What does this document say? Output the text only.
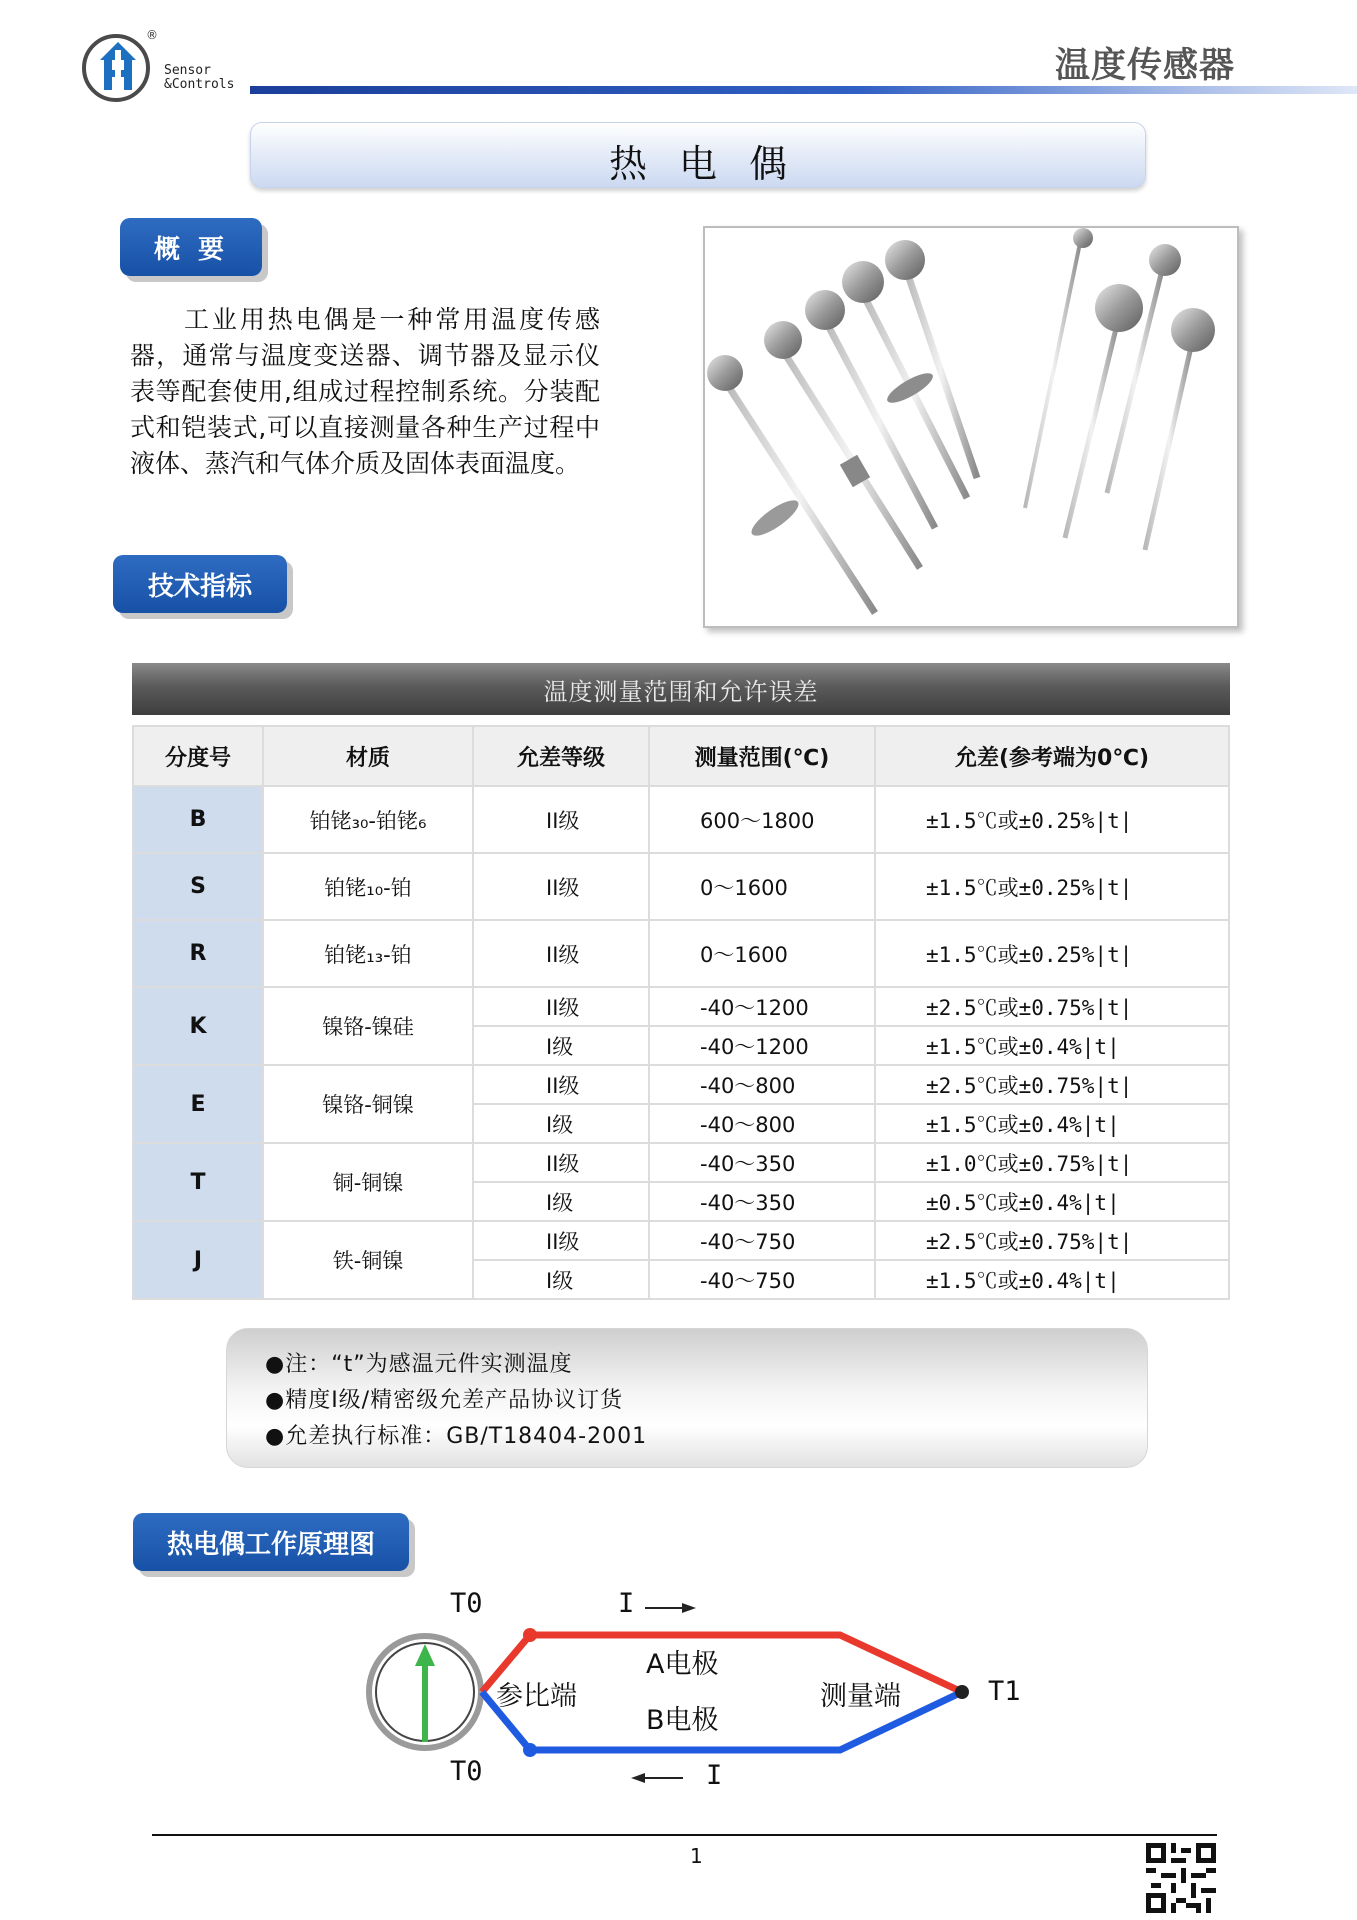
®
Sensor
&Controls	温度传感器
热电偶
概要
工业用热电偶是一种常用温度传感器，通常与温度变送器、调节器及显示仪表等配套使用,组成过程控制系统。分装配式和铠装式,可以直接测量各种生产过程中液体、蒸汽和气体介质及固体表面温度。
技术指标
温度测量范围和允许误差
分度号	材质	允差等级	测量范围(℃)	允差(参考端为0℃)
B	铂铑₃₀-铂铑₆	II级	600～1800	±1.5℃或±0.25%|t|
S	铂铑₁₀-铂	II级	0～1600	±1.5℃或±0.25%|t|
R	铂铑₁₃-铂	II级	0～1600	±1.5℃或±0.25%|t|
K	镍铬-镍硅	II级	-40～1200	±2.5℃或±0.75%|t|
		I级	-40～1200	±1.5℃或±0.4%|t|
E	镍铬-铜镍	II级	-40～800	±2.5℃或±0.75%|t|
		I级	-40～800	±1.5℃或±0.4%|t|
T	铜-铜镍	II级	-40～350	±1.0℃或±0.75%|t|
		I级	-40～350	±0.5℃或±0.4%|t|
J	铁-铜镍	II级	-40～750	±2.5℃或±0.75%|t|
		I级	-40～750	±1.5℃或±0.4%|t|
●注：“t”为感温元件实测温度
●精度I级/精密级允差产品协议订货
●允差执行标准：GB/T18404-2001
热电偶工作原理图
T0
T0
T1
I
I
A电极
B电极
参比端	测量端
1
